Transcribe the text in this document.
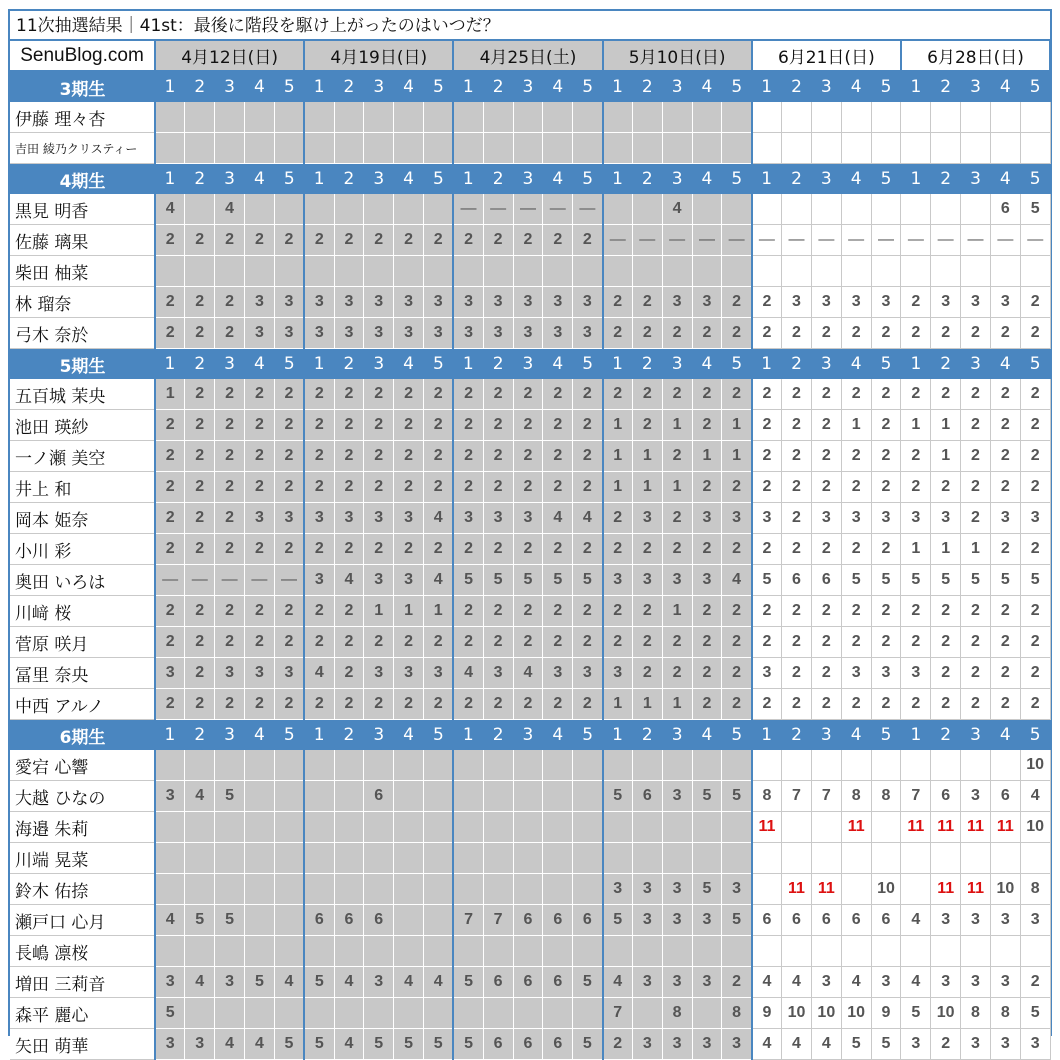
11次抽選結果｜41st：最後に階段を駆け上がったのはいつだ？
SenuBlog.com	4月12日(日)					4月19日(日)					4月25日(土)					5月10日(日)					6月21日(日)					6月28日(日)				
3期生	1	2	3	4	5	1	2	3	4	5	1	2	3	4	5	1	2	3	4	5	1	2	3	4	5	1	2	3	4	5
伊藤 理々杏																														
吉田 綾乃クリスティー																														
4期生	1	2	3	4	5	1	2	3	4	5	1	2	3	4	5	1	2	3	4	5	1	2	3	4	5	1	2	3	4	5
黒見 明香	4		4								—	—	—	—	—			4											6	5
佐藤 璃果	2	2	2	2	2	2	2	2	2	2	2	2	2	2	2	—	—	—	—	—	—	—	—	—	—	—	—	—	—	—
柴田 柚菜																														
林 瑠奈	2	2	2	3	3	3	3	3	3	3	3	3	3	3	3	2	2	3	3	2	2	3	3	3	3	2	3	3	3	2
弓木 奈於	2	2	2	3	3	3	3	3	3	3	3	3	3	3	3	2	2	2	2	2	2	2	2	2	2	2	2	2	2	2
5期生	1	2	3	4	5	1	2	3	4	5	1	2	3	4	5	1	2	3	4	5	1	2	3	4	5	1	2	3	4	5
五百城 茉央	1	2	2	2	2	2	2	2	2	2	2	2	2	2	2	2	2	2	2	2	2	2	2	2	2	2	2	2	2	2
池田 瑛紗	2	2	2	2	2	2	2	2	2	2	2	2	2	2	2	1	2	1	2	1	2	2	2	1	2	1	1	2	2	2
一ノ瀬 美空	2	2	2	2	2	2	2	2	2	2	2	2	2	2	2	1	1	2	1	1	2	2	2	2	2	2	1	2	2	2
井上 和	2	2	2	2	2	2	2	2	2	2	2	2	2	2	2	1	1	1	2	2	2	2	2	2	2	2	2	2	2	2
岡本 姫奈	2	2	2	3	3	3	3	3	3	4	3	3	3	4	4	2	3	2	3	3	3	2	3	3	3	3	3	2	3	3
小川 彩	2	2	2	2	2	2	2	2	2	2	2	2	2	2	2	2	2	2	2	2	2	2	2	2	2	1	1	1	2	2
奥田 いろは	—	—	—	—	—	3	4	3	3	4	5	5	5	5	5	3	3	3	3	4	5	6	6	5	5	5	5	5	5	5
川﨑 桜	2	2	2	2	2	2	2	1	1	1	2	2	2	2	2	2	2	1	2	2	2	2	2	2	2	2	2	2	2	2
菅原 咲月	2	2	2	2	2	2	2	2	2	2	2	2	2	2	2	2	2	2	2	2	2	2	2	2	2	2	2	2	2	2
冨里 奈央	3	2	3	3	3	4	2	3	3	3	4	3	4	3	3	3	2	2	2	2	3	2	2	3	3	3	2	2	2	2
中西 アルノ	2	2	2	2	2	2	2	2	2	2	2	2	2	2	2	1	1	1	2	2	2	2	2	2	2	2	2	2	2	2
6期生	1	2	3	4	5	1	2	3	4	5	1	2	3	4	5	1	2	3	4	5	1	2	3	4	5	1	2	3	4	5
愛宕 心響																														10
大越 ひなの	3	4	5					6								5	6	3	5	5	8	7	7	8	8	7	6	3	6	4
海邉 朱莉																					11			11		11	11	11	11	10
川端 晃菜																														
鈴木 佑捺																3	3	3	5	3		11	11		10		11	11	10	8
瀬戸口 心月	4	5	5			6	6	6			7	7	6	6	6	5	3	3	3	5	6	6	6	6	6	4	3	3	3	3
長嶋 凛桜																														
増田 三莉音	3	4	3	5	4	5	4	3	4	4	5	6	6	6	5	4	3	3	3	2	4	4	3	4	3	4	3	3	3	2
森平 麗心	5															7		8		8	9	10	10	10	9	5	10	8	8	5
矢田 萌華	3	3	4	4	5	5	4	5	5	5	5	6	6	6	5	2	3	3	3	3	4	4	4	5	5	3	2	3	3	3
